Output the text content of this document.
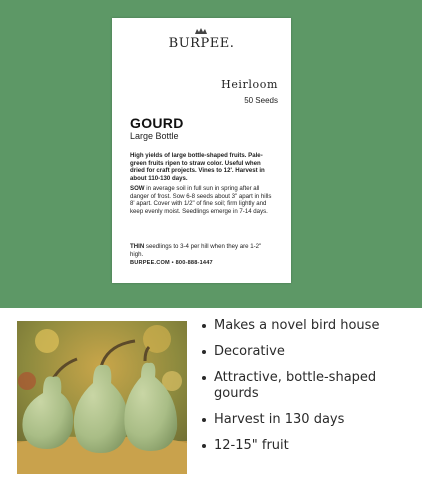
BURPEE.
Heirloom
50 Seeds
GOURD
Large Bottle
High yields of large bottle-shaped fruits. Pale-green fruits ripen to straw color. Useful when dried for craft projects. Vines to 12'. Harvest in about 110-130 days.
SOW in average soil in full sun in spring after all danger of frost. Sow 6-8 seeds about 3" apart in hills 8' apart. Cover with 1/2" of fine soil; firm lightly and keep evenly moist. Seedlings emerge in 7-14 days.
THIN seedlings to 3-4 per hill when they are 1-2" high.
BURPEE.COM • 800-888-1447
Makes a novel bird house
Decorative
Attractive, bottle-shaped gourds
Harvest in 130 days
12-15" fruit
